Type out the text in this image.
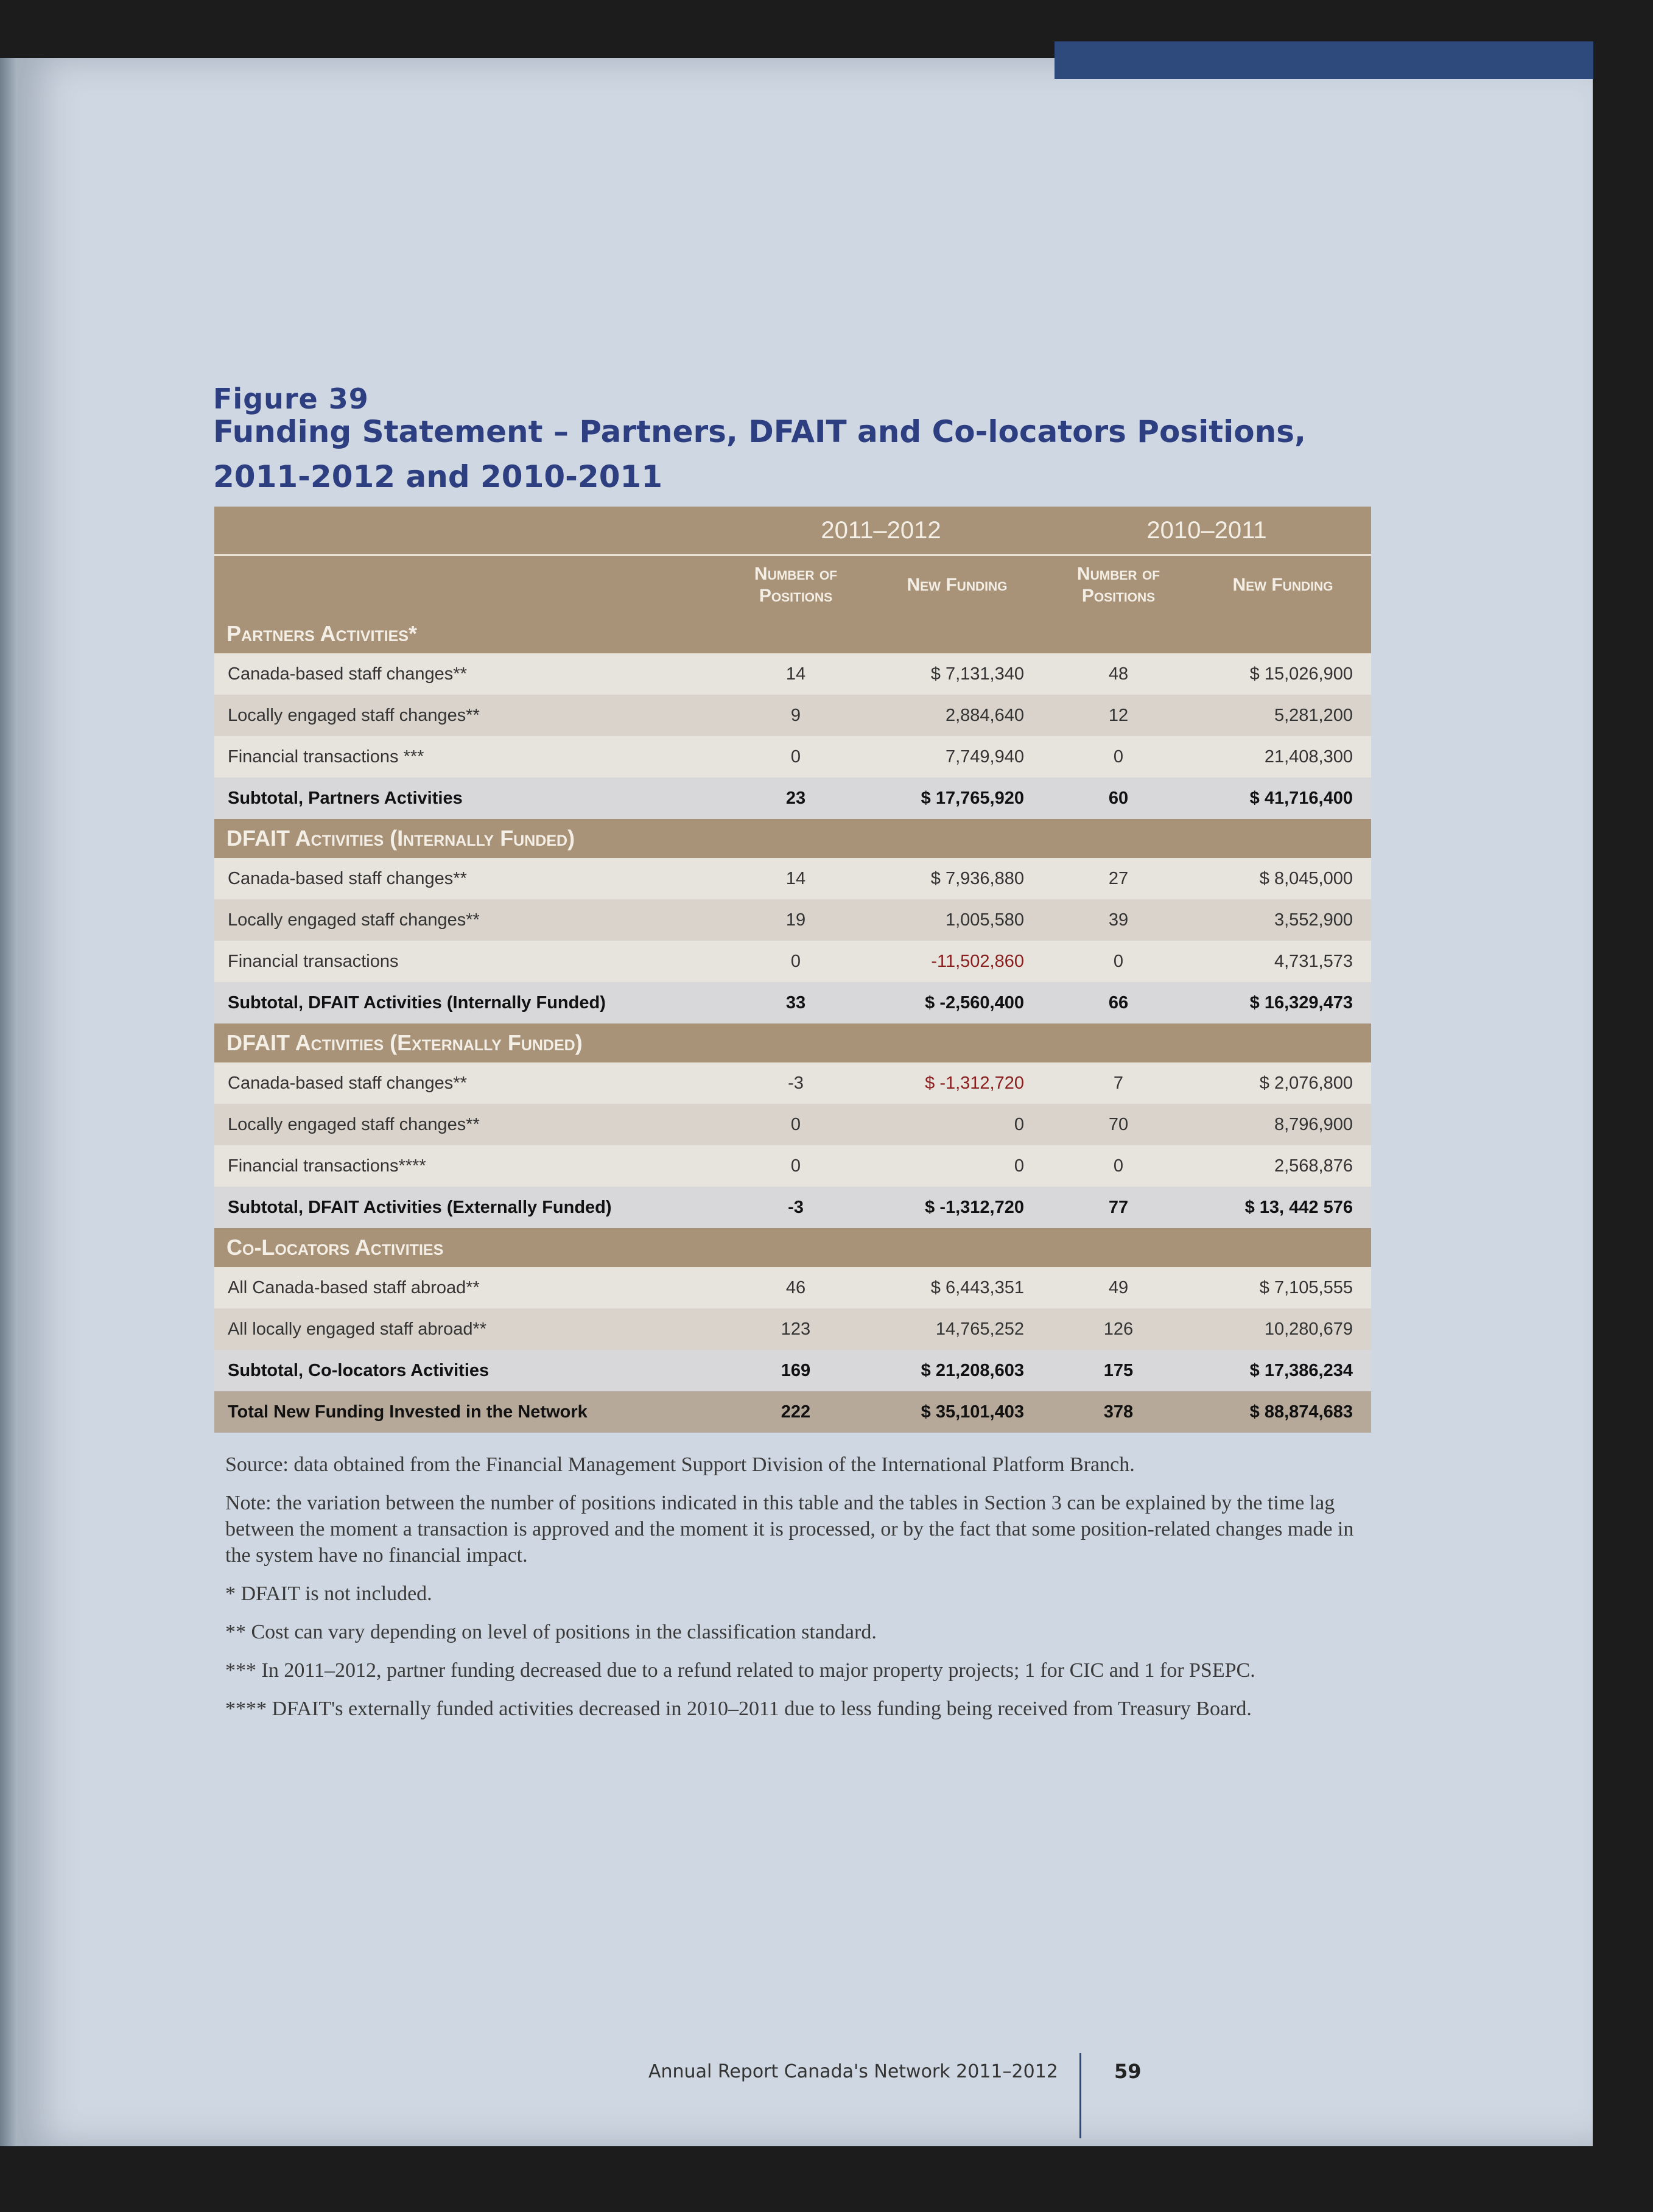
Figure 39
Funding Statement – Partners, DFAIT and Co-locators Positions, 2011-2012 and 2010-2011
	2011–2012		2010–2011	
	Number of Positions	New Funding	Number of Positions	New Funding
Partners Activities*				
Canada-based staff changes**	14	$ 7,131,340	48	$ 15,026,900
Locally engaged staff changes**	9	2,884,640	12	5,281,200
Financial transactions ***	0	7,749,940	0	21,408,300
Subtotal, Partners Activities	23	$ 17,765,920	60	$ 41,716,400
DFAIT Activities (Internally Funded)				
Canada-based staff changes**	14	$ 7,936,880	27	$ 8,045,000
Locally engaged staff changes**	19	1,005,580	39	3,552,900
Financial transactions	0	-11,502,860	0	4,731,573
Subtotal, DFAIT Activities (Internally Funded)	33	$ -2,560,400	66	$ 16,329,473
DFAIT Activities (Externally Funded)				
Canada-based staff changes**	-3	$ -1,312,720	7	$ 2,076,800
Locally engaged staff changes**	0	0	70	8,796,900
Financial transactions****	0	0	0	2,568,876
Subtotal, DFAIT Activities (Externally Funded)	-3	$ -1,312,720	77	$ 13, 442 576
Co-Locators Activities				
All Canada-based staff abroad**	46	$ 6,443,351	49	$ 7,105,555
All locally engaged staff abroad**	123	14,765,252	126	10,280,679
Subtotal, Co-locators Activities	169	$ 21,208,603	175	$ 17,386,234
Total New Funding Invested in the Network	222	$ 35,101,403	378	$ 88,874,683

Source: data obtained from the Financial Management Support Division of the International Platform Branch.

Note: the variation between the number of positions indicated in this table and the tables in Section 3 can be explained by the time lag between the moment a transaction is approved and the moment it is processed, or by the fact that some position-related changes made in the system have no financial impact.

* DFAIT is not included.

** Cost can vary depending on level of positions in the classification standard.

*** In 2011–2012, partner funding decreased due to a refund related to major property projects; 1 for CIC and 1 for PSEPC.

**** DFAIT's externally funded activities decreased in 2010–2011 due to less funding being received from Treasury Board.

Annual Report Canada's Network 2011–2012	59
